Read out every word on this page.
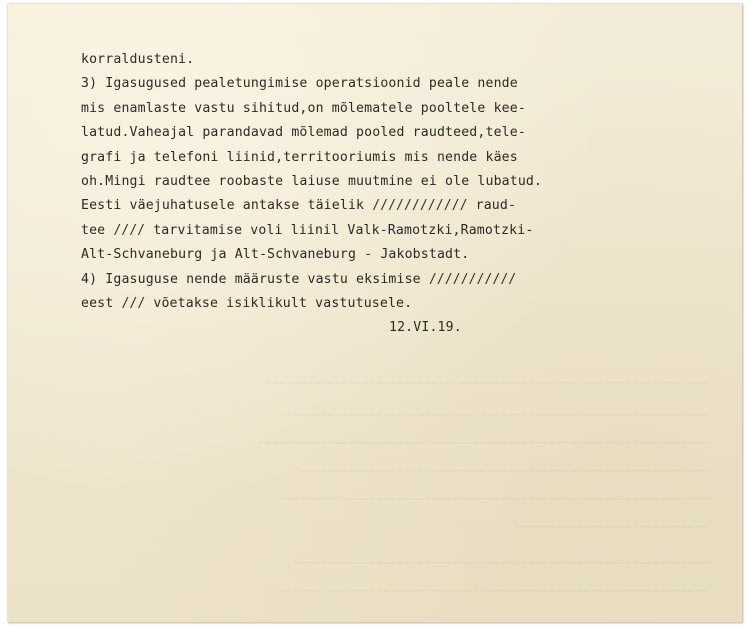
~~~~~~~~~~~~~~~~~~~~~~~~~~~~~~~~~~~~~~~~~~~~~~~~~~~~~~~~~~~~~~~~
~~~~~~~~~~~~~~~~~~~~~~~~~~~~~~~~~~~~~~~~~~~~~~~~~~~~~~~~~~~~~
~~~~~~~~~~~~~~~~~~~~~~~~~~~~~~~~~~~~~~~~~~~~~~~~~~~~~~~~~~~~~~~~~
~~~~~~~~~~~~~~~~~~~~~~~~~~~~~~~~~~~~~~~~~~~~~~~~~~~~~~~~~~~
~~~~~~~~~~~~~~~~~~~~~~~~~~~~~~~~~~~~~~~~~~~~~~~~~~~~~~~~~~~~~~
~~~~~~~~~~~~~~~~~~~~~~~~~~~~
~~~~~~~~~~~~~~~~~~~~~~~~~~~~~~~~~~~~~~~~~~~~~~~~~~~~~~~~~~~~
~~~~~~~~~~~~~~~~~~~~~~~~~~~~~~~~~~~~~~~~~~~~~~~~~~~~~~~~~~~~~~
korraldusteni.
3) Igasugused pealetungimise operatsioonid peale nende
mis enamlaste vastu sihitud,on mõlematele pooltele kee-
latud.Vaheajal parandavad mõlemad pooled raudteed,tele-
grafi ja telefoni liinid,territooriumis mis nende käes
oh.Mingi raudtee roobaste laiuse muutmine ei ole lubatud.
Eesti väejuhatusele antakse täielik //////////// raud-
tee //// tarvitamise voli liinil Valk-Ramotzki,Ramotzki-
Alt-Schvaneburg ja Alt-Schvaneburg - Jakobstadt.
4) Igasuguse nende määruste vastu eksimise ///////////
eest /// võetakse isiklikult vastutusele.
12.VI.19.
